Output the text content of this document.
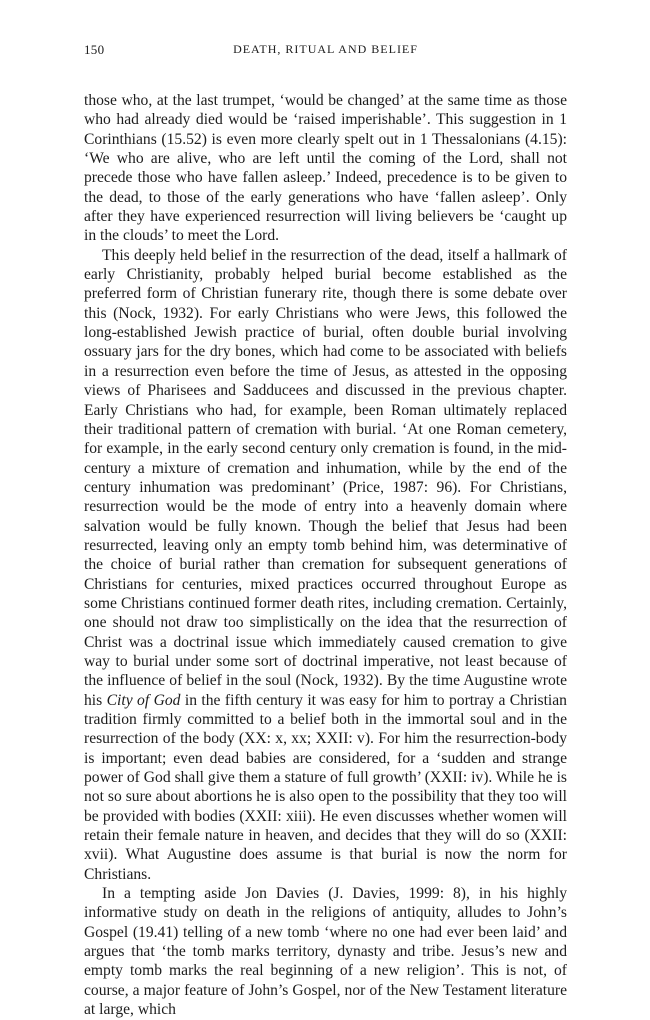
150	DEATH, RITUAL AND BELIEF

those who, at the last trumpet, ‘would be changed’ at the same time as those who had already died would be ‘raised imperishable’. This suggestion in 1 Corinthians (15.52) is even more clearly spelt out in 1 Thessalonians (4.15): ‘We who are alive, who are left until the coming of the Lord, shall not precede those who have fallen asleep.’ Indeed, precedence is to be given to the dead, to those of the early generations who have ‘fallen asleep’. Only after they have experienced resurrection will living believers be ‘caught up in the clouds’ to meet the Lord.

This deeply held belief in the resurrection of the dead, itself a hallmark of early Christianity, probably helped burial become established as the preferred form of Christian funerary rite, though there is some debate over this (Nock, 1932). For early Christians who were Jews, this followed the long-established Jewish practice of burial, often double burial involving ossuary jars for the dry bones, which had come to be associated with beliefs in a resurrection even before the time of Jesus, as attested in the opposing views of Pharisees and Sadducees and discussed in the previous chapter. Early Christians who had, for example, been Roman ultimately replaced their traditional pattern of cremation with burial. ‘At one Roman cemetery, for example, in the early second century only cremation is found, in the mid-century a mixture of cremation and inhumation, while by the end of the century inhumation was predominant’ (Price, 1987: 96). For Christians, resurrection would be the mode of entry into a heavenly domain where salvation would be fully known. Though the belief that Jesus had been resurrected, leaving only an empty tomb behind him, was determinative of the choice of burial rather than cremation for subsequent generations of Christians for centuries, mixed practices occurred throughout Europe as some Christians continued former death rites, including cremation. Certainly, one should not draw too simplistically on the idea that the resurrection of Christ was a doctrinal issue which immediately caused cremation to give way to burial under some sort of doctrinal imperative, not least because of the influence of belief in the soul (Nock, 1932). By the time Augustine wrote his City of God in the fifth century it was easy for him to portray a Christian tradition firmly committed to a belief both in the immortal soul and in the resurrection of the body (XX: x, xx; XXII: v). For him the resurrection-body is important; even dead babies are considered, for a ‘sudden and strange power of God shall give them a stature of full growth’ (XXII: iv). While he is not so sure about abortions he is also open to the possibility that they too will be provided with bodies (XXII: xiii). He even discusses whether women will retain their female nature in heaven, and decides that they will do so (XXII: xvii). What Augustine does assume is that burial is now the norm for Christians.

In a tempting aside Jon Davies (J. Davies, 1999: 8), in his highly informative study on death in the religions of antiquity, alludes to John’s Gospel (19.41) telling of a new tomb ‘where no one had ever been laid’ and argues that ‘the tomb marks territory, dynasty and tribe. Jesus’s new and empty tomb marks the real beginning of a new religion’. This is not, of course, a major feature of John’s Gospel, nor of the New Testament literature at large, which
